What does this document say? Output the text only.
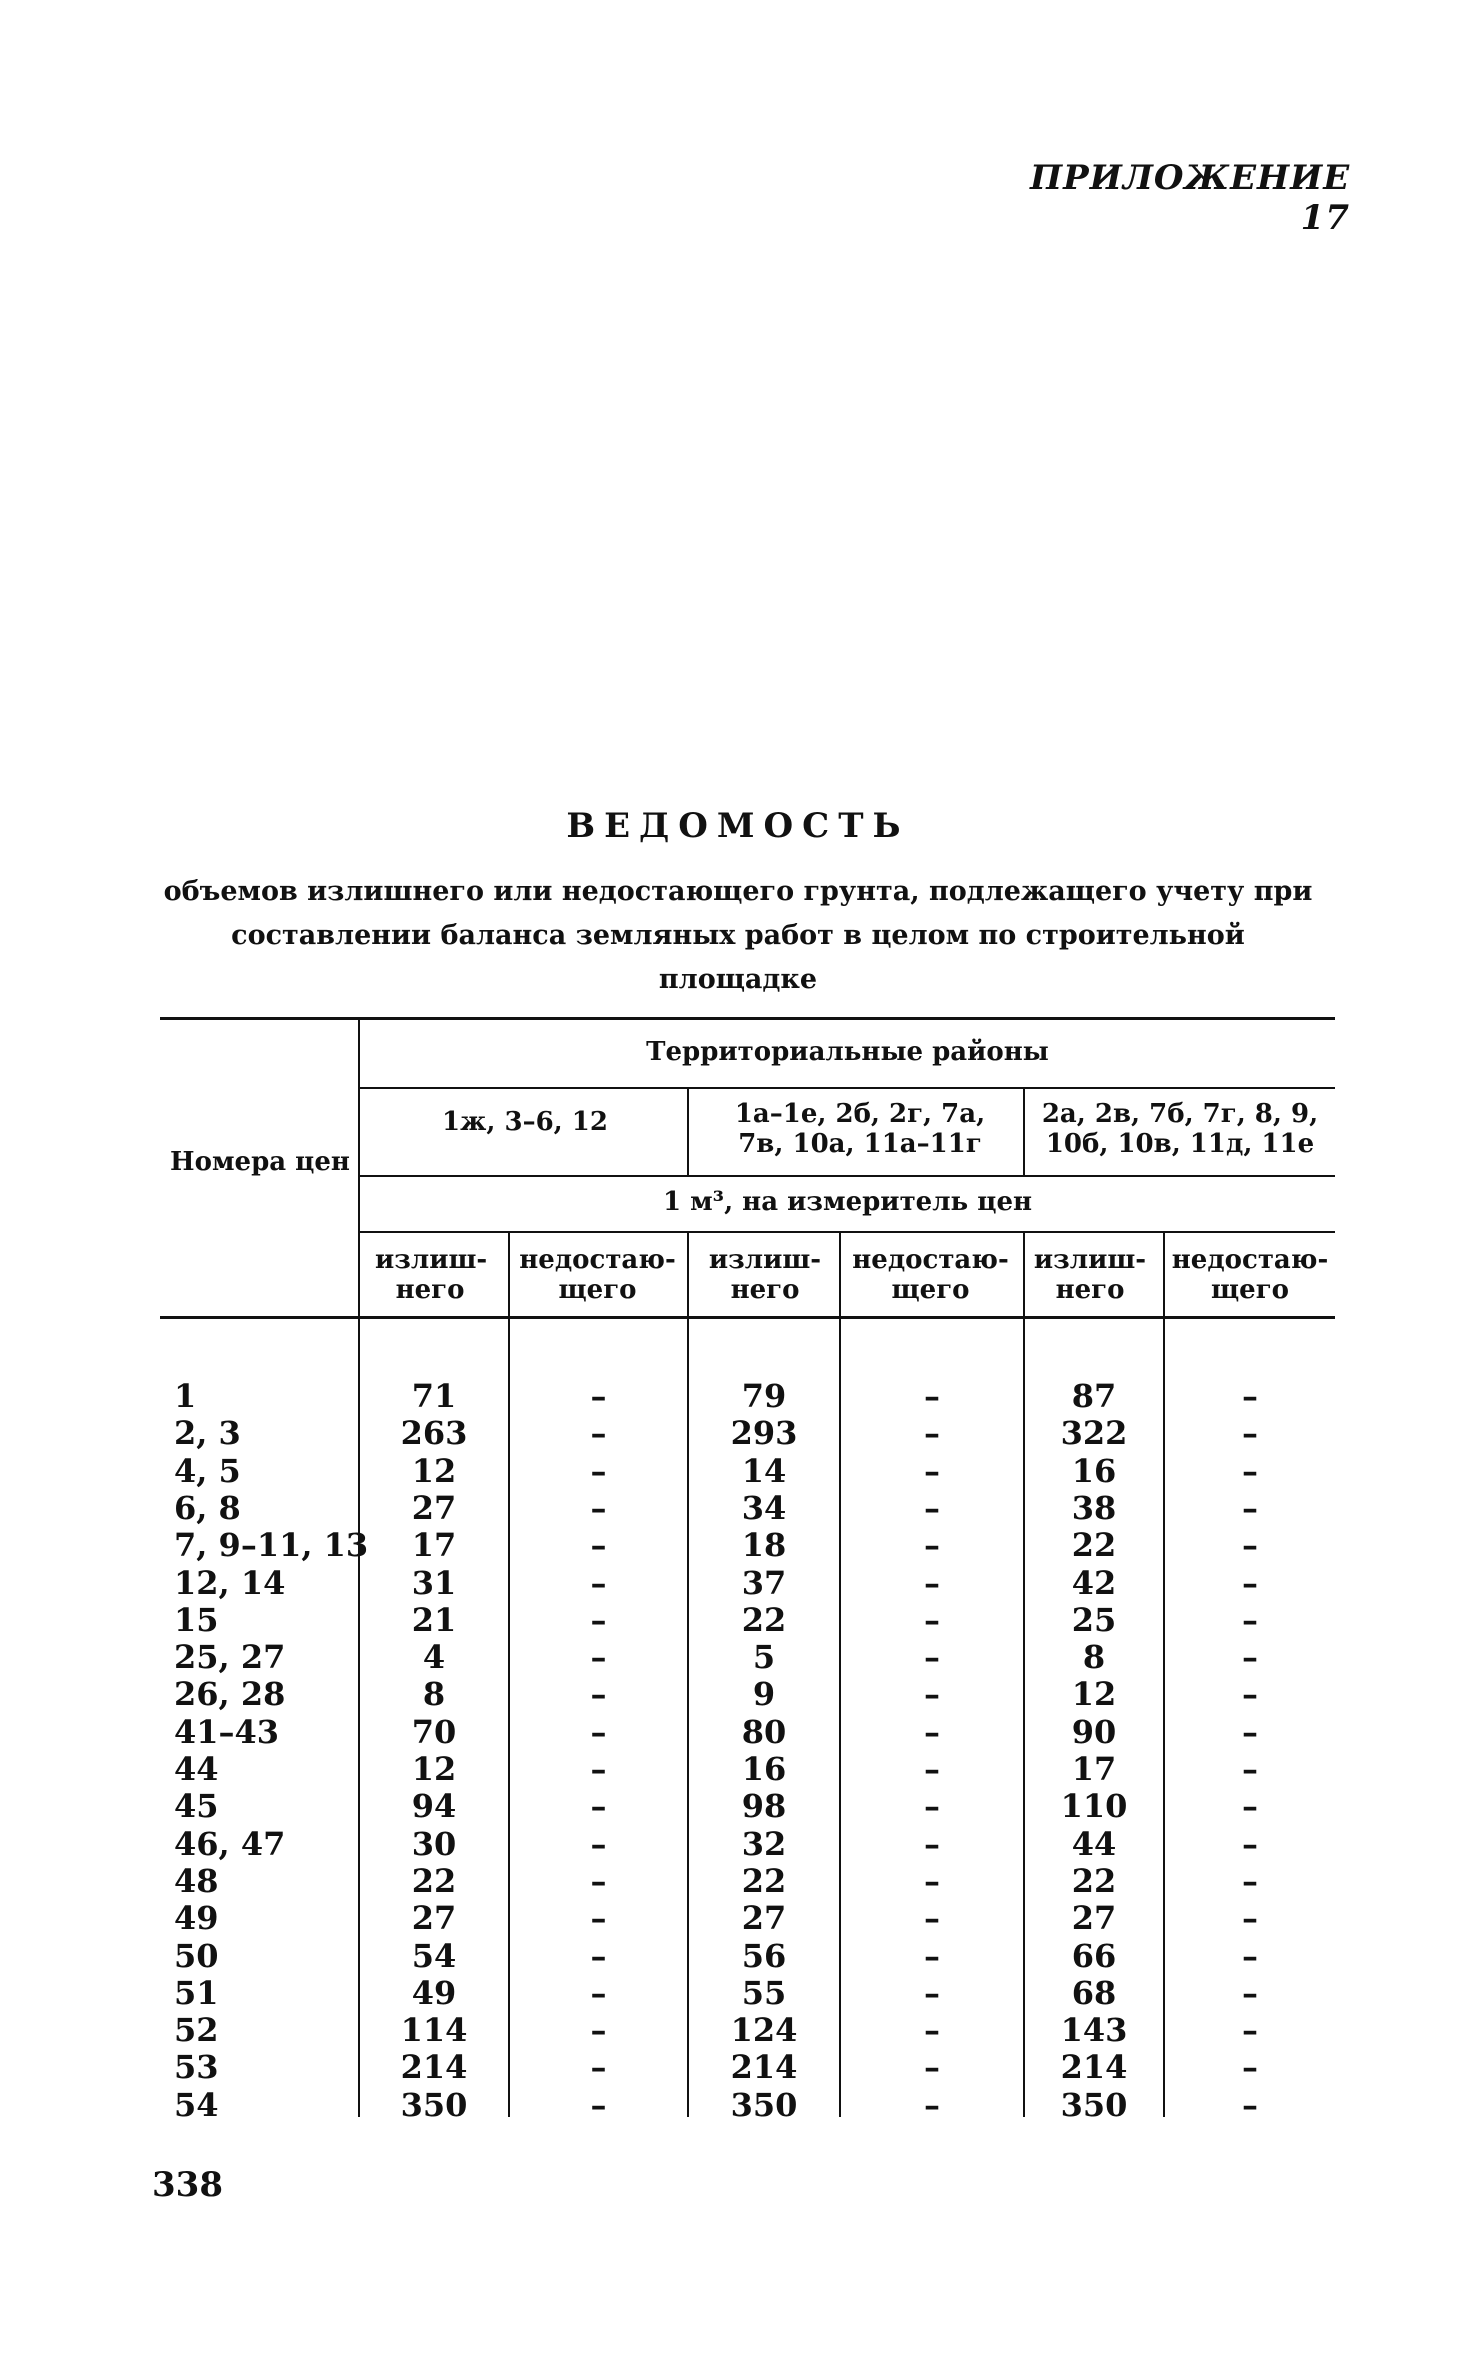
ПРИЛОЖЕНИЕ 17
ВЕДОМОСТЬ
объемов излишнего или недостающего грунта, подлежащего учету при
составлении баланса земляных работ в целом по строительной площадке
Номера цен
Территориальные районы
1ж, 3–6, 12	1а–1е, 2б, 2г, 7а, 7в, 10а, 11а–11г
2а, 2в, 7б, 7г, 8, 9, 10б, 10в, 11д, 11е
1 м³, на измеритель цен
излиш-него
недостаю-щего
излиш-него
недостаю-щего
излиш-него
недостаю-щего
1	71	–	79	–	87	–
2, 3	263	–	293	–	322	–
4, 5	12	–	14	–	16	–
6, 8	27	–	34	–	38	–
7, 9–11, 13	17	–	18	–	22	–
12, 14	31	–	37	–	42	–
15	21	–	22	–	25	–
25, 27	4	–	5	–	8	–
26, 28	8	–	9	–	12	–
41–43	70	–	80	–	90	–
44	12	–	16	–	17	–
45	94	–	98	–	110	–
46, 47	30	–	32	–	44	–
48	22	–	22	–	22	–
49	27	–	27	–	27	–
50	54	–	56	–	66	–
51	49	–	55	–	68	–
52	114	–	124	–	143	–
53	214	–	214	–	214	–
54	350	–	350	–	350	–
338
